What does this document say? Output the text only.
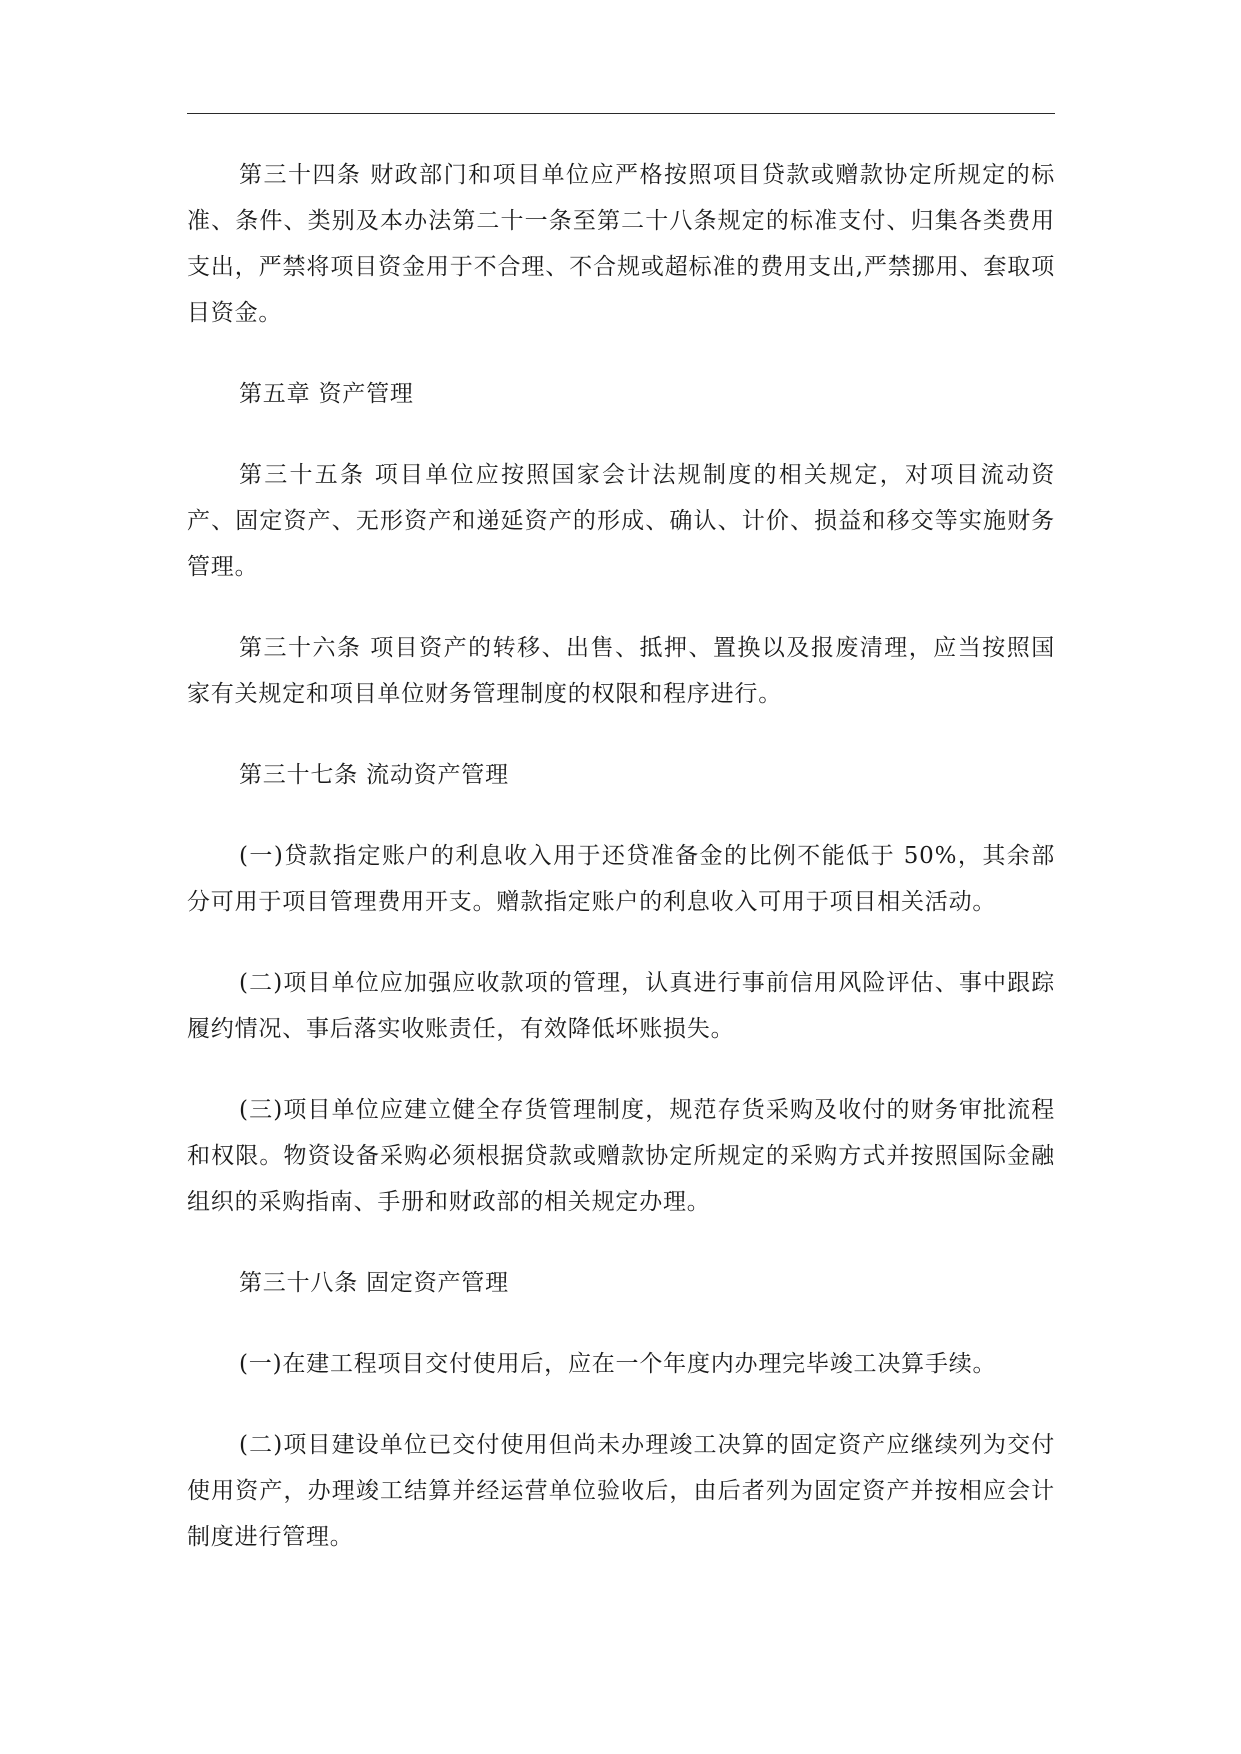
第三十四条 财政部门和项目单位应严格按照项目贷款或赠款协定所规定的标准、条件、类别及本办法第二十一条至第二十八条规定的标准支付、归集各类费用支出，严禁将项目资金用于不合理、不合规或超标准的费用支出,严禁挪用、套取项目资金。

第五章 资产管理

第三十五条 项目单位应按照国家会计法规制度的相关规定，对项目流动资产、固定资产、无形资产和递延资产的形成、确认、计价、损益和移交等实施财务管理。

第三十六条 项目资产的转移、出售、抵押、置换以及报废清理，应当按照国家有关规定和项目单位财务管理制度的权限和程序进行。

第三十七条 流动资产管理

(一)贷款指定账户的利息收入用于还贷准备金的比例不能低于 50%，其余部分可用于项目管理费用开支。赠款指定账户的利息收入可用于项目相关活动。

(二)项目单位应加强应收款项的管理，认真进行事前信用风险评估、事中跟踪履约情况、事后落实收账责任，有效降低坏账损失。

(三)项目单位应建立健全存货管理制度，规范存货采购及收付的财务审批流程和权限。物资设备采购必须根据贷款或赠款协定所规定的采购方式并按照国际金融组织的采购指南、手册和财政部的相关规定办理。

第三十八条 固定资产管理

(一)在建工程项目交付使用后，应在一个年度内办理完毕竣工决算手续。

(二)项目建设单位已交付使用但尚未办理竣工决算的固定资产应继续列为交付使用资产，办理竣工结算并经运营单位验收后，由后者列为固定资产并按相应会计制度进行管理。
